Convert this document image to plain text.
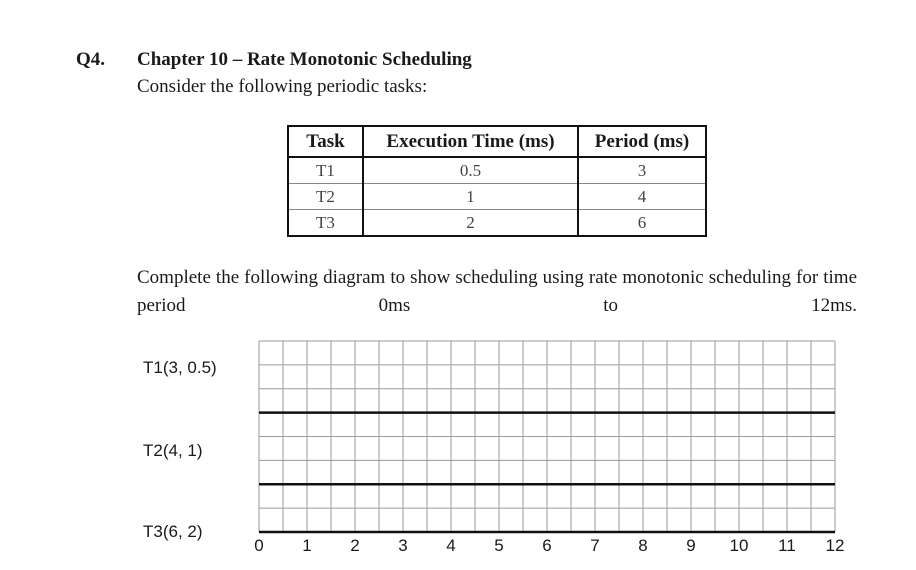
Q4. Chapter 10 – Rate Monotonic Scheduling
Consider the following periodic tasks:
Task	Execution Time (ms)	Period (ms)
T1	0.5	3
T2	1	4
T3	2	6
Complete the following diagram to show scheduling using rate monotonic scheduling for time period 0ms to 12ms.
T1(3, 0.5)
T2(4, 1)
T3(6, 2)
0 1 2 3 4 5 6 7 8 9 10 11 12
